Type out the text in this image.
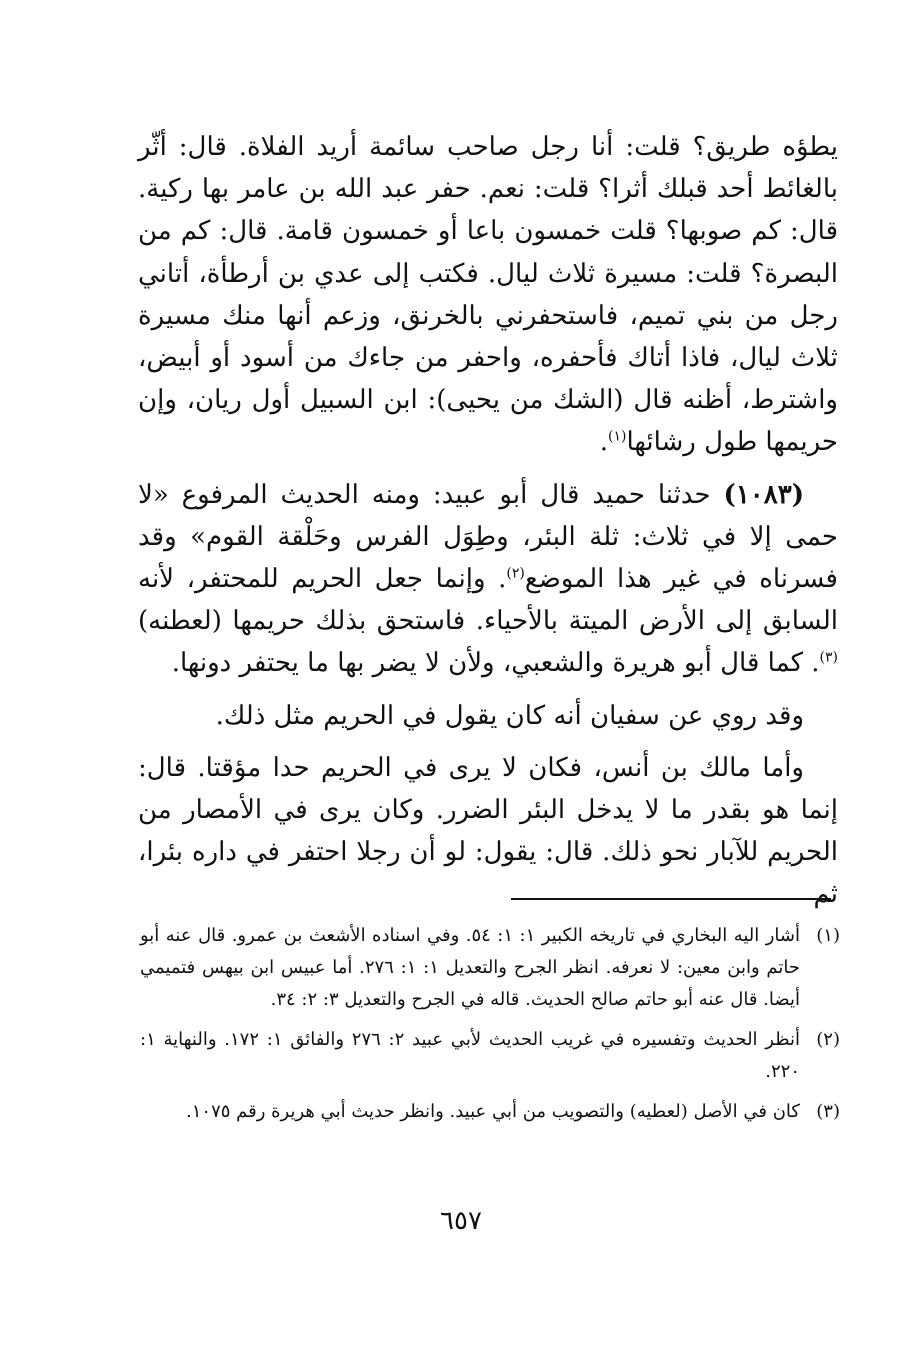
يطؤه طريق؟ قلت: أنا رجل صاحب سائمة أريد الفلاة. قال: أثّر بالغائط أحد قبلك أثرا؟ قلت: نعم. حفر عبد الله بن عامر بها ركية. قال: كم صوبها؟ قلت خمسون باعا أو خمسون قامة. قال: كم من البصرة؟ قلت: مسيرة ثلاث ليال. فكتب إلى عدي بن أرطأة، أتاني رجل من بني تميم، فاستحفرني بالخرنق، وزعم أنها منك مسيرة ثلاث ليال، فاذا أتاك فأحفره، واحفر من جاءك من أسود أو أبيض، واشترط، أظنه قال (الشك من يحيى): ابن السبيل أول ريان، وإن حريمها طول رشائها$^{(١)}$.

(١٠٨٣) حدثنا حميد قال أبو عبيد: ومنه الحديث المرفوع «لا حمى إلا في ثلاث: ثلة البئر، وطِوَل الفرس وحَلْقة القوم» وقد فسرناه في غير هذا الموضع$^{(٢)}$. وإنما جعل الحريم للمحتفر، لأنه السابق إلى الأرض الميتة بالأحياء. فاستحق بذلك حريمها (لعطنه)$^{(٣)}$. كما قال أبو هريرة والشعبي، ولأن لا يضر بها ما يحتفر دونها.

وقد روي عن سفيان أنه كان يقول في الحريم مثل ذلك.

وأما مالك بن أنس، فكان لا يرى في الحريم حدا مؤقتا. قال: إنما هو بقدر ما لا يدخل البئر الضرر. وكان يرى في الأمصار من الحريم للآبار نحو ذلك. قال: يقول: لو أن رجلا احتفر في داره بئرا، ثم

(١)
أشار اليه البخاري في تاريخه الكبير ١: ١: ٥٤. وفي اسناده الأشعث بن عمرو. قال عنه أبو حاتم وابن معين: لا نعرفه. انظر الجرح والتعديل ١: ١: ٢٧٦. أما عبيس ابن بيهس فتميمي أيضا. قال عنه أبو حاتم صالح الحديث. قاله في الجرح والتعديل ٣: ٢: ٣٤.
(٢)
أنظر الحديث وتفسيره في غريب الحديث لأبي عبيد ٢: ٢٧٦ والفائق ١: ١٧٢. والنهاية ١: ٢٢٠.
(٣)
كان في الأصل (لعطيه) والتصويب من أبي عبيد. وانظر حديث أبي هريرة رقم ١٠٧٥.
٦٥٧
